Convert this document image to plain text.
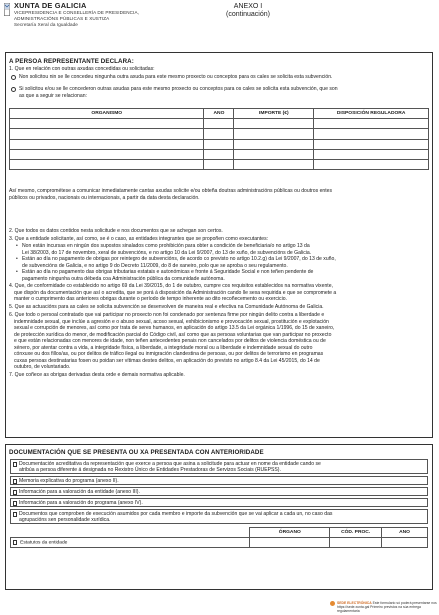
XUNTA DE GALICIA
VICEPRESIDENCIA E CONSELLERÍA DE PRESIDENCIA,
ADMINISTRACIÓNS PÚBLICAS E XUSTIZA
Secretaría Xeral da Igualdade
ANEXO I
(continuación)
A PERSOA REPRESENTANTE DECLARA:
1. Que en relación con outras axudas concedidas ou solicitadas:
Non solicitou nin se lle concedeu ningunha outra axuda para este mesmo proxecto ou conceptos para os cales se solicita esta subvención.
Si solicitou e/ou se lle concederon outras axudas para este mesmo proxecto ou conceptos para os cales se solicita esta subvención, que son
as que a seguir se relacionan:
ORGANISMO	ANO	IMPORTE (€)	DISPOSICIÓN REGULADORA

Así mesmo, comprométese a comunicar inmediatamente cantas axudas solicite e/ou obteña doutras administracións públicas ou doutros entes
públicos ou privados, nacionais ou internacionais, a partir da data desta declaración.
2. Que todos os datos contidos nesta solicitude e nos documentos que se achegan son certos.
3. Que a entidade solicitante, así como, se é o caso, as entidades integrantes que se propoñen como executantes:
• Non están incursas en ningún dos supostos sinalados como prohibición para obter a condición de beneficiaria/o no artigo 13 da
Lei 38/2003, do 17 de novembro, xeral de subvencións, e no artigo 10 da Lei 9/2007, do 13 de xuño, de subvencións de Galicia.
• Están ao día no pagamento de obrigas por reintegro de subvencións, de acordo co previsto no artigo 10.2.g) da Lei 9/2007, do 13 de xuño,
de subvencións de Galicia, e no artigo 9 do Decreto 11/2009, do 8 de xaneiro, polo que se aproba o seu regulamento.
• Están ao día no pagamento das obrigas tributarias estatais e autonómicas e fronte á Seguridade Social e non teñen pendente de
pagamento ningunha outra débeda coa Administración pública da comunidade autónoma.
4. Que, de conformidade co establecido no artigo 69 da Lei 39/2015, do 1 de outubro, cumpre cos requisitos establecidos na normativa vixente,
que dispón da documentación que así o acredita, que se porá á disposición da Administración cando lle sexa requirida e que se compromete a
manter o cumprimento das anteriores obrigas durante o período de tempo inherente ao dito recoñecemento ou exercicio.
5. Que as actuacións para as cales se solicita subvención se desenvolven de maneira real e efectiva na Comunidade Autónoma de Galicia.
6. Que todo o persoal contratado que vai participar no proxecto non foi condenado por sentenza firme por ningún delito contra a liberdade e
indemnidade sexual, que inclúe a agresión e o abuso sexual, acoso sexual, exhibicionismo e provocación sexual, prostitución e explotación
sexual e corrupción de menores, así como por trata de seres humanos, en aplicación do artigo 13.5 da Lei orgánica 1/1996, do 15 de xaneiro,
de protección xurídica do menor, de modificación parcial do Código civil, así como que as persoas voluntarias que van participar no proxecto
e que están relacionadas con menores de idade, non teñen antecedentes penais non cancelados por delitos de violencia doméstica ou de
xénero, por atentar contra a vida, a integridade física, a liberdade, a integridade moral ou a liberdade e indemnidade sexual do outro
cónxuxe ou dos fillos/as, ou por delitos de tráfico ilegal ou inmigración clandestina de persoas, ou por delitos de terrorismo en programas
cuxas persoas destinatarias fosen ou poidan ser vítimas destes delitos, en aplicación do previsto no artigo 8.4 da Lei 45/2015, do 14 de
outubro, de voluntariado.
7. Que coñece as obrigas derivadas desta orde e demais normativa aplicable.
DOCUMENTACIÓN QUE SE PRESENTA OU XA PRESENTADA CON ANTERIORIDADE
Documentación acreditativa da representación que exerce a persoa que asina a solicitude para actuar en nome da entidade cando se
atribúa a persoa diferente á designada no Rexistro Único de Entidades Prestadoras de Servizos Sociais (RUEPSS).
Memoria explicativa do programa (anexo II).
Información para a valoración da entidade (anexo III).
Información para a valoración do programa (anexo IV).
Documentos que comproben de execución asumidos por cada membro e importe da subvención que se vai aplicar a cada un, no caso das
agrupacións sen personalidade xurídica.
	ÓRGANO	CÓD. PROC.	ANO
Estatutos da entidade			
SEDE ELECTRÓNICA Este formulario só poderá presentarse nos
https://sede.xunta.gal Primeiro previstos na súa entrega regulamentaria
